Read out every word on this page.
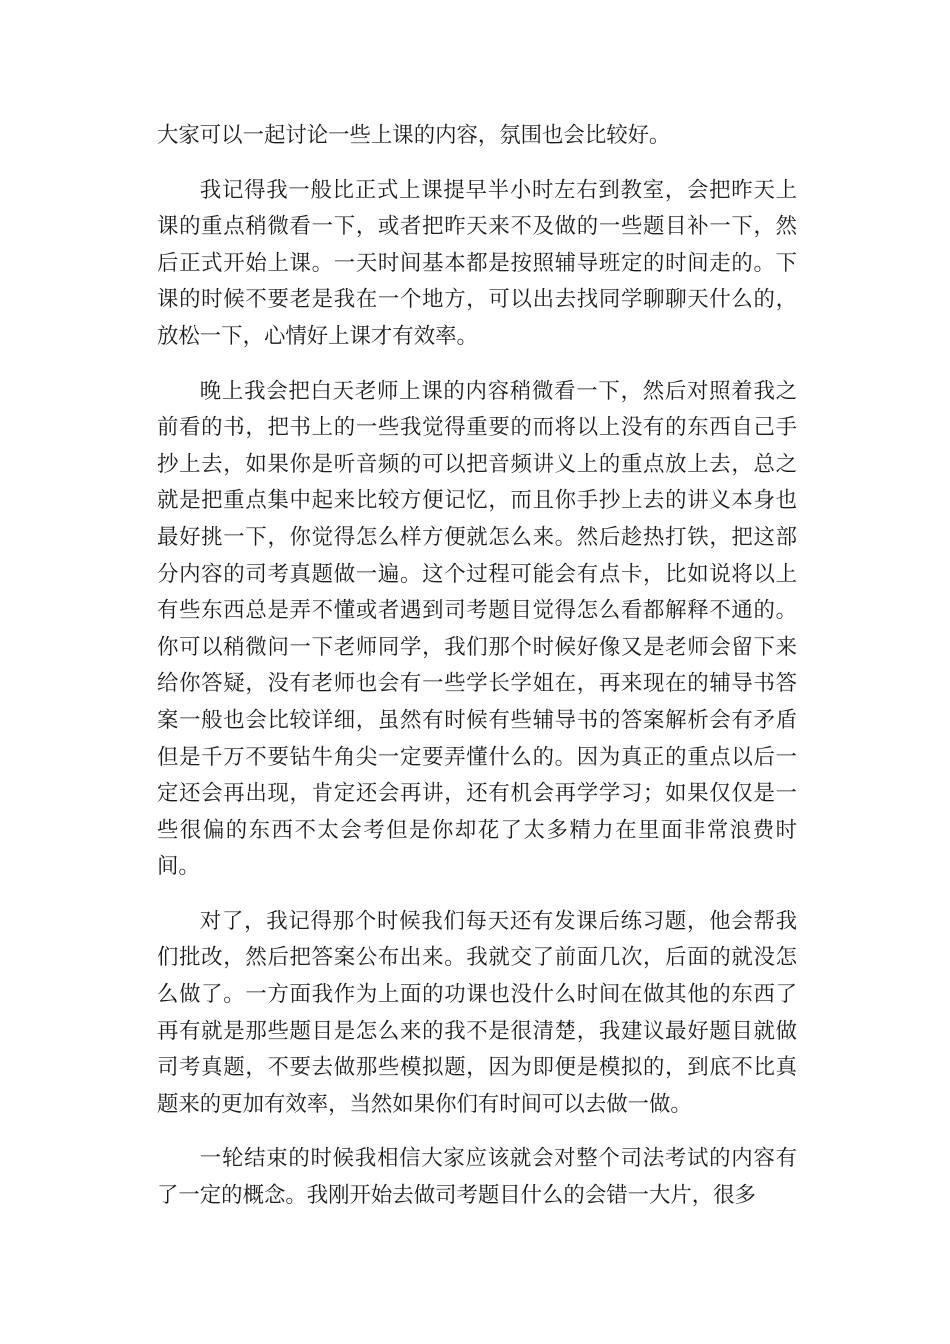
大家可以一起讨论一些上课的内容，氛围也会比较好。

我记得我一般比正式上课提早半小时左右到教室，会把昨天上课的重点稍微看一下，或者把昨天来不及做的一些题目补一下，然后正式开始上课。一天时间基本都是按照辅导班定的时间走的。下课的时候不要老是我在一个地方，可以出去找同学聊聊天什么的，放松一下，心情好上课才有效率。

晚上我会把白天老师上课的内容稍微看一下，然后对照着我之前看的书，把书上的一些我觉得重要的而将以上没有的东西自己手抄上去，如果你是听音频的可以把音频讲义上的重点放上去，总之就是把重点集中起来比较方便记忆，而且你手抄上去的讲义本身也最好挑一下，你觉得怎么样方便就怎么来。然后趁热打铁，把这部分内容的司考真题做一遍。这个过程可能会有点卡，比如说将以上有些东西总是弄不懂或者遇到司考题目觉得怎么看都解释不通的。你可以稍微问一下老师同学，我们那个时候好像又是老师会留下来给你答疑，没有老师也会有一些学长学姐在，再来现在的辅导书答案一般也会比较详细，虽然有时候有些辅导书的答案解析会有矛盾但是千万不要钻牛角尖一定要弄懂什么的。因为真正的重点以后一定还会再出现，肯定还会再讲，还有机会再学学习；如果仅仅是一些很偏的东西不太会考但是你却花了太多精力在里面非常浪费时间。

对了，我记得那个时候我们每天还有发课后练习题，他会帮我们批改，然后把答案公布出来。我就交了前面几次，后面的就没怎么做了。一方面我作为上面的功课也没什么时间在做其他的东西了再有就是那些题目是怎么来的我不是很清楚，我建议最好题目就做司考真题，不要去做那些模拟题，因为即便是模拟的，到底不比真题来的更加有效率，当然如果你们有时间可以去做一做。

一轮结束的时候我相信大家应该就会对整个司法考试的内容有了一定的概念。我刚开始去做司考题目什么的会错一大片，很多
